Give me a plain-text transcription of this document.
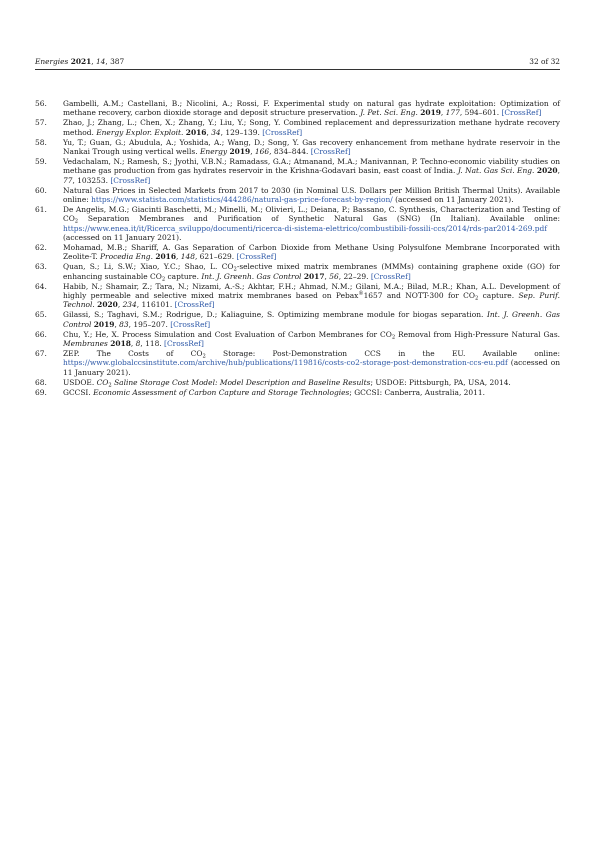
Energies 2021, 14, 387	32 of 32
56.	Gambelli, A.M.; Castellani, B.; Nicolini, A.; Rossi, F. Experimental study on natural gas hydrate exploitation: Optimization of methane recovery, carbon dioxide storage and deposit structure preservation. J. Pet. Sci. Eng. 2019, 177, 594–601. [CrossRef]
57.	Zhao, J.; Zhang, L.; Chen, X.; Zhang, Y.; Liu, Y.; Song, Y. Combined replacement and depressurization methane hydrate recovery method. Energy Explor. Exploit. 2016, 34, 129–139. [CrossRef]
58.	Yu, T.; Guan, G.; Abudula, A.; Yoshida, A.; Wang, D.; Song, Y. Gas recovery enhancement from methane hydrate reservoir in the Nankai Trough using vertical wells. Energy 2019, 166, 834–844. [CrossRef]
59.	Vedachalam, N.; Ramesh, S.; Jyothi, V.B.N.; Ramadass, G.A.; Atmanand, M.A.; Manivannan, P. Techno-economic viability studies on methane gas production from gas hydrates reservoir in the Krishna-Godavari basin, east coast of India. J. Nat. Gas Sci. Eng. 2020, 77, 103253. [CrossRef]
60.	Natural Gas Prices in Selected Markets from 2017 to 2030 (in Nominal U.S. Dollars per Million British Thermal Units). Available online: https://www.statista.com/statistics/444286/natural-gas-price-forecast-by-region/ (accessed on 11 January 2021).
61.	De Angelis, M.G.; Giacinti Baschetti, M.; Minelli, M.; Olivieri, L.; Deiana, P.; Bassano, C. Synthesis, Characterization and Testing of $CO_2$ Separation Membranes and Purification of Synthetic Natural Gas (SNG) (In Italian). Available online: https://www.enea.it/it/Ricerca_sviluppo/documenti/ricerca-di-sistema-elettrico/combustibili-fossili-ccs/2014/rds-par2014-269.pdf (accessed on 11 January 2021).
62.	Mohamad, M.B.; Shariff, A. Gas Separation of Carbon Dioxide from Methane Using Polysulfone Membrane Incorporated with Zeolite-T. Procedia Eng. 2016, 148, 621–629. [CrossRef]
63.	Quan, S.; Li, S.W.; Xiao, Y.C.; Shao, L. $CO_2$-selective mixed matrix membranes (MMMs) containing graphene oxide (GO) for enhancing sustainable $CO_2$ capture. Int. J. Greenh. Gas Control 2017, 56, 22–29. [CrossRef]
64.	Habib, N.; Shamair, Z.; Tara, N.; Nizami, A.-S.; Akhtar, F.H.; Ahmad, N.M.; Gilani, M.A.; Bilad, M.R.; Khan, A.L. Development of highly permeable and selective mixed matrix membranes based on Pebax®1657 and NOTT-300 for $CO_2$ capture. Sep. Purif. Technol. 2020, 234, 116101. [CrossRef]
65.	Gilassi, S.; Taghavi, S.M.; Rodrigue, D.; Kaliaguine, S. Optimizing membrane module for biogas separation. Int. J. Greenh. Gas Control 2019, 83, 195–207. [CrossRef]
66.	Chu, Y.; He, X. Process Simulation and Cost Evaluation of Carbon Membranes for $CO_2$ Removal from High-Pressure Natural Gas. Membranes 2018, 8, 118. [CrossRef]
67.	ZEP. The Costs of $CO_2$ Storage: Post-Demonstration CCS in the EU. Available online: https://www.globalccsinstitute.com/archive/hub/publications/119816/costs-co2-storage-post-demonstration-ccs-eu.pdf (accessed on 11 January 2021).
68.	USDOE. $CO_2$ Saline Storage Cost Model: Model Description and Baseline Results; USDOE: Pittsburgh, PA, USA, 2014.
69.	GCCSI. Economic Assessment of Carbon Capture and Storage Technologies; GCCSI: Canberra, Australia, 2011.
